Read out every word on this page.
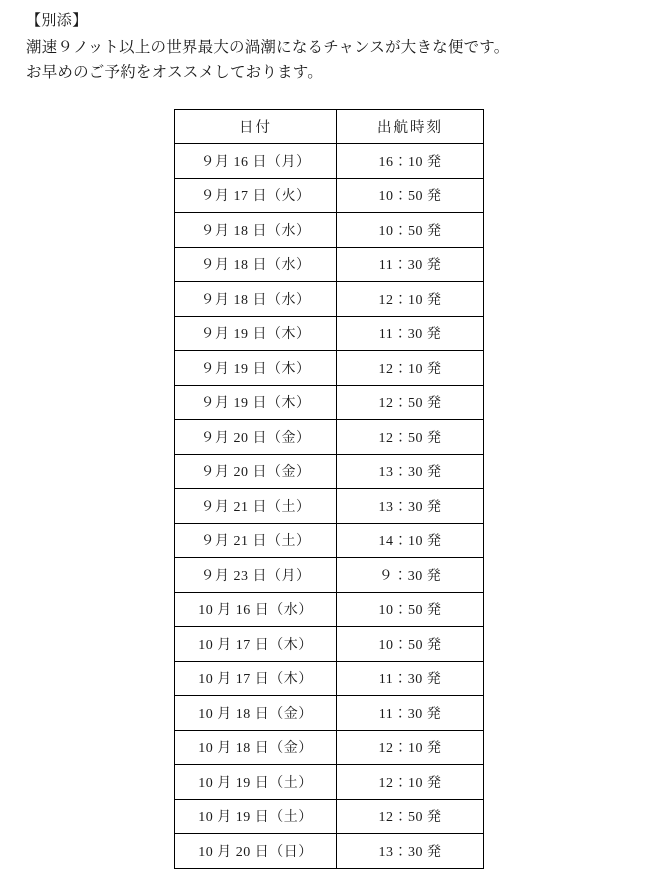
【別添】
潮速９ノット以上の世界最大の渦潮になるチャンスが大きな便です。
お早めのご予約をオススメしております。
日付	出航時刻
９月 16 日（月）	16：10 発
９月 17 日（火）	10：50 発
９月 18 日（水）	10：50 発
９月 18 日（水）	11：30 発
９月 18 日（水）	12：10 発
９月 19 日（木）	11：30 発
９月 19 日（木）	12：10 発
９月 19 日（木）	12：50 発
９月 20 日（金）	12：50 発
９月 20 日（金）	13：30 発
９月 21 日（土）	13：30 発
９月 21 日（土）	14：10 発
９月 23 日（月）	９：30 発
10 月 16 日（水）	10：50 発
10 月 17 日（木）	10：50 発
10 月 17 日（木）	11：30 発
10 月 18 日（金）	11：30 発
10 月 18 日（金）	12：10 発
10 月 19 日（土）	12：10 発
10 月 19 日（土）	12：50 発
10 月 20 日（日）	13：30 発
